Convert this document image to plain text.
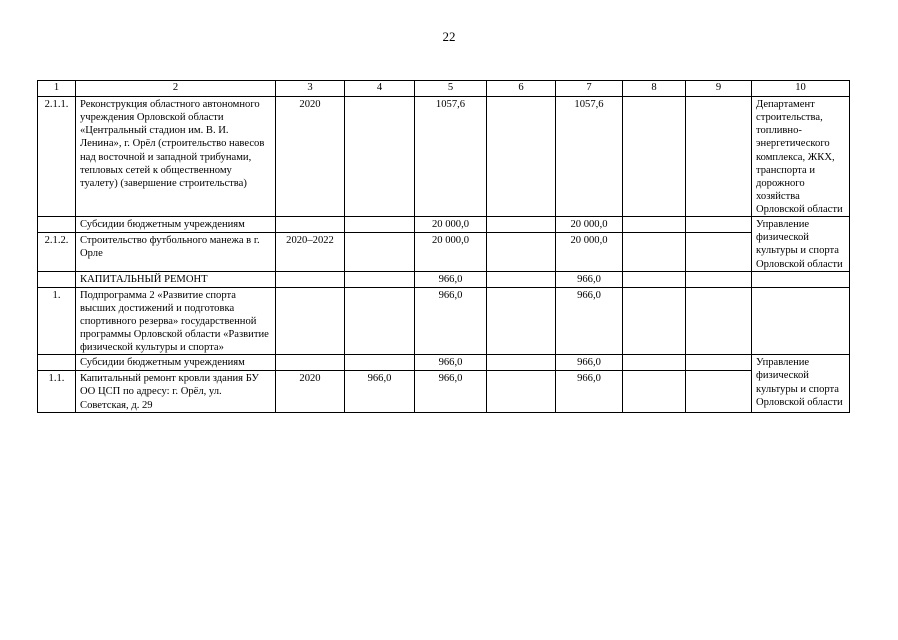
22
1	2	3	4	5	6	7	8	9	10
2.1.1.	Реконструкция областного автономного учреждения Орловской области «Центральный стадион им. В. И. Ленина», г. Орёл (строительство навесов над восточной и западной трибунами, тепловых сетей к общественному туалету) (завершение строительства)	2020		1057,6		1057,6			Департамент строительства, топливно-энергетического комплекса, ЖКХ, транспорта и дорожного хозяйства Орловской области
	Субсидии бюджетным учреждениям			20 000,0		20 000,0			Управление физической культуры и спорта Орловской области
2.1.2.	Строительство футбольного манежа в г. Орле	2020–2022		20 000,0		20 000,0			
	КАПИТАЛЬНЫЙ РЕМОНТ			966,0		966,0			
1.	Подпрограмма 2 «Развитие спорта высших достижений и подготовка спортивного резерва» государственной программы Орловской области «Развитие физической культуры и спорта»			966,0		966,0			
	Субсидии бюджетным учреждениям			966,0		966,0			Управление физической культуры и спорта Орловской области
1.1.	Капитальный ремонт кровли здания БУ ОО ЦСП по адресу: г. Орёл, ул. Советская, д. 29	2020	966,0	966,0		966,0			
